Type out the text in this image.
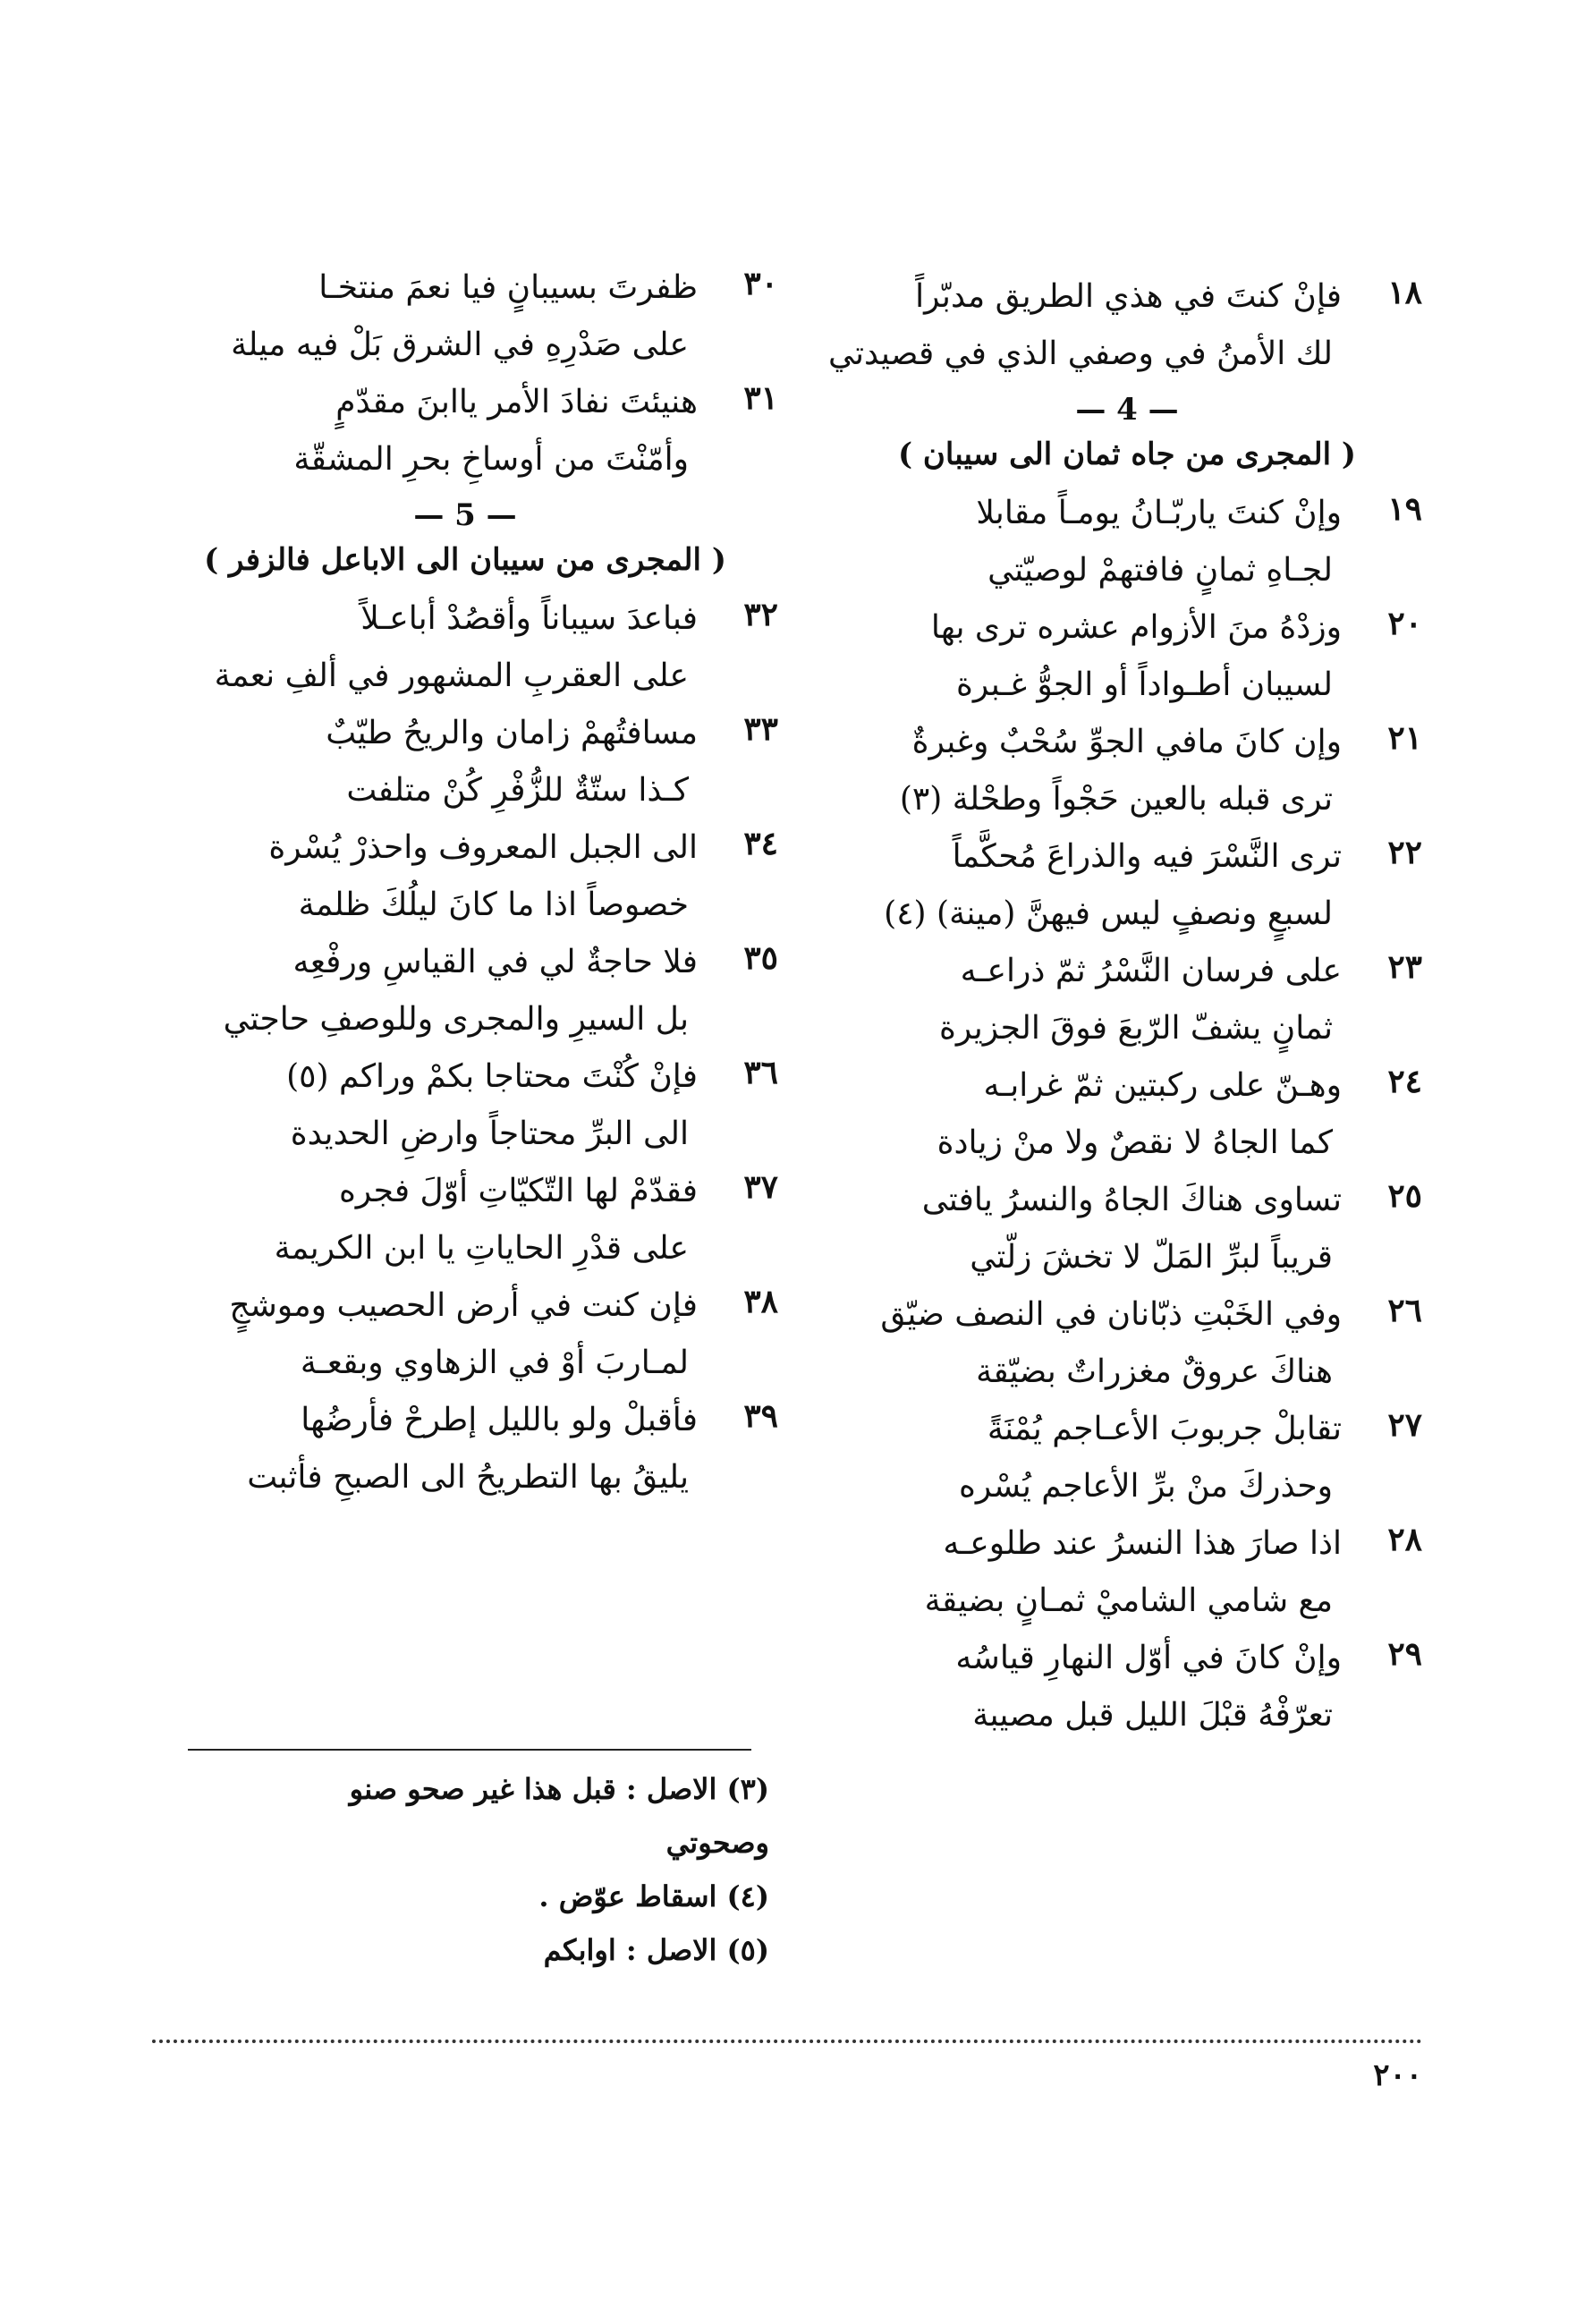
١٨
فإنْ كنتَ في هذي الطريق مدبّراً
لك الأمنُ في وصفي الذي في قصيدتي
— 4 —
( المجرى من جاه ثمان الى سيبان )
١٩
وإنْ كنتَ ياربّـانُ يومـاً مقابلا
لجـاهِ ثمانٍ فافتهمْ لوصيّتي
٢٠
وزدْهُ منَ الأزوام عشره ترى بها
لسيبان أطـواداً أو الجوُّ غـبرة
٢١
وإن كانَ مافي الجوِّ سُحْبٌ وغبرةٌ
ترى قبله بالعين حَجْواً وطحْلة (٣)
٢٢
ترى النَّسْرَ فيه والذراعَ مُحكَّماً
لسبعٍ ونصفٍ ليس فيهنَّ (مينة) (٤)
٢٣
على فرسان النَّسْرُ ثمّ ذراعـه
ثمانٍ يشفّ الرّبعَ فوقَ الجزيرة
٢٤
وهـنّ على ركبتين ثمّ غرابـه
كما الجاهُ لا نقصٌ ولا منْ زيادة
٢٥
تساوى هناكَ الجاهُ والنسرُ يافتى
قريباً لبرِّ المَلّ لا تخشَ زلّتي
٢٦
وفي الخَبْتِ ذبّانان في النصف ضيّق
هناكَ عروقٌ مغزراتٌ بضيّقة
٢٧
تقابلْ جربوبَ الأعـاجم يُمْنَةً
وحذركَ منْ برِّ الأعاجم يُسْره
٢٨
اذا صارَ هذا النسرُ عند طلوعـه
مع شامي الشاميْ ثمـانٍ بضيقة
٢٩
وإنْ كانَ في أوّل النهارِ قياسُه
تعرّفْهُ قبْلَ الليل قبل مصيبة
٣٠
ظفرتَ بسيبانٍ فيا نعمَ منتخـا
على صَدْرِهِ في الشرق بَلْ فيه ميلة
٣١
هنيئتَ نفادَ الأمر ياابنَ مقدّمٍ
وأمّنْتَ من أوساخِ بحرِ المشقّة
— 5 —
( المجرى من سيبان الى الاباعل فالزفر )
٣٢
فباعدَ سيباناً وأقصُدْ أباعـلاً
على العقربِ المشهور في ألفِ نعمة
٣٣
مسافتُهمْ زامان والريحُ طيّبٌ
كـذا ستّةٌ للزُّفْرِ كُنْ متلفت
٣٤
الى الجبل المعروف واحذرْ يُسْرة
خصوصاً اذا ما كانَ ليلُكَ ظلمة
٣٥
فلا حاجةٌ لي في القياسِ ورفْعِه
بل السيرِ والمجرى وللوصفِ حاجتي
٣٦
فإنْ كُنْتَ محتاجا بكمْ وراكم (٥)
الى البرِّ محتاجاً وارضِ الحديدة
٣٧
فقدّمْ لها التّكيّاتِ أوّلَ فجره
على قدْرِ الحاياتِ يا ابن الكريمة
٣٨
فإن كنت في أرض الحصيب وموشجٍ
لمـاربَ أوْ في الزهاوي وبقعـة
٣٩
فأقبلْ ولو بالليل إطرحْ فأرضُها
يليقُ بها التطريحُ الى الصبحِ فأثبت
(٣) الاصل : قبل هذا غير صحو صنو
وصحوتي
(٤) اسقاط عوّض .
(٥) الاصل : اوابكم
٢٠٠
